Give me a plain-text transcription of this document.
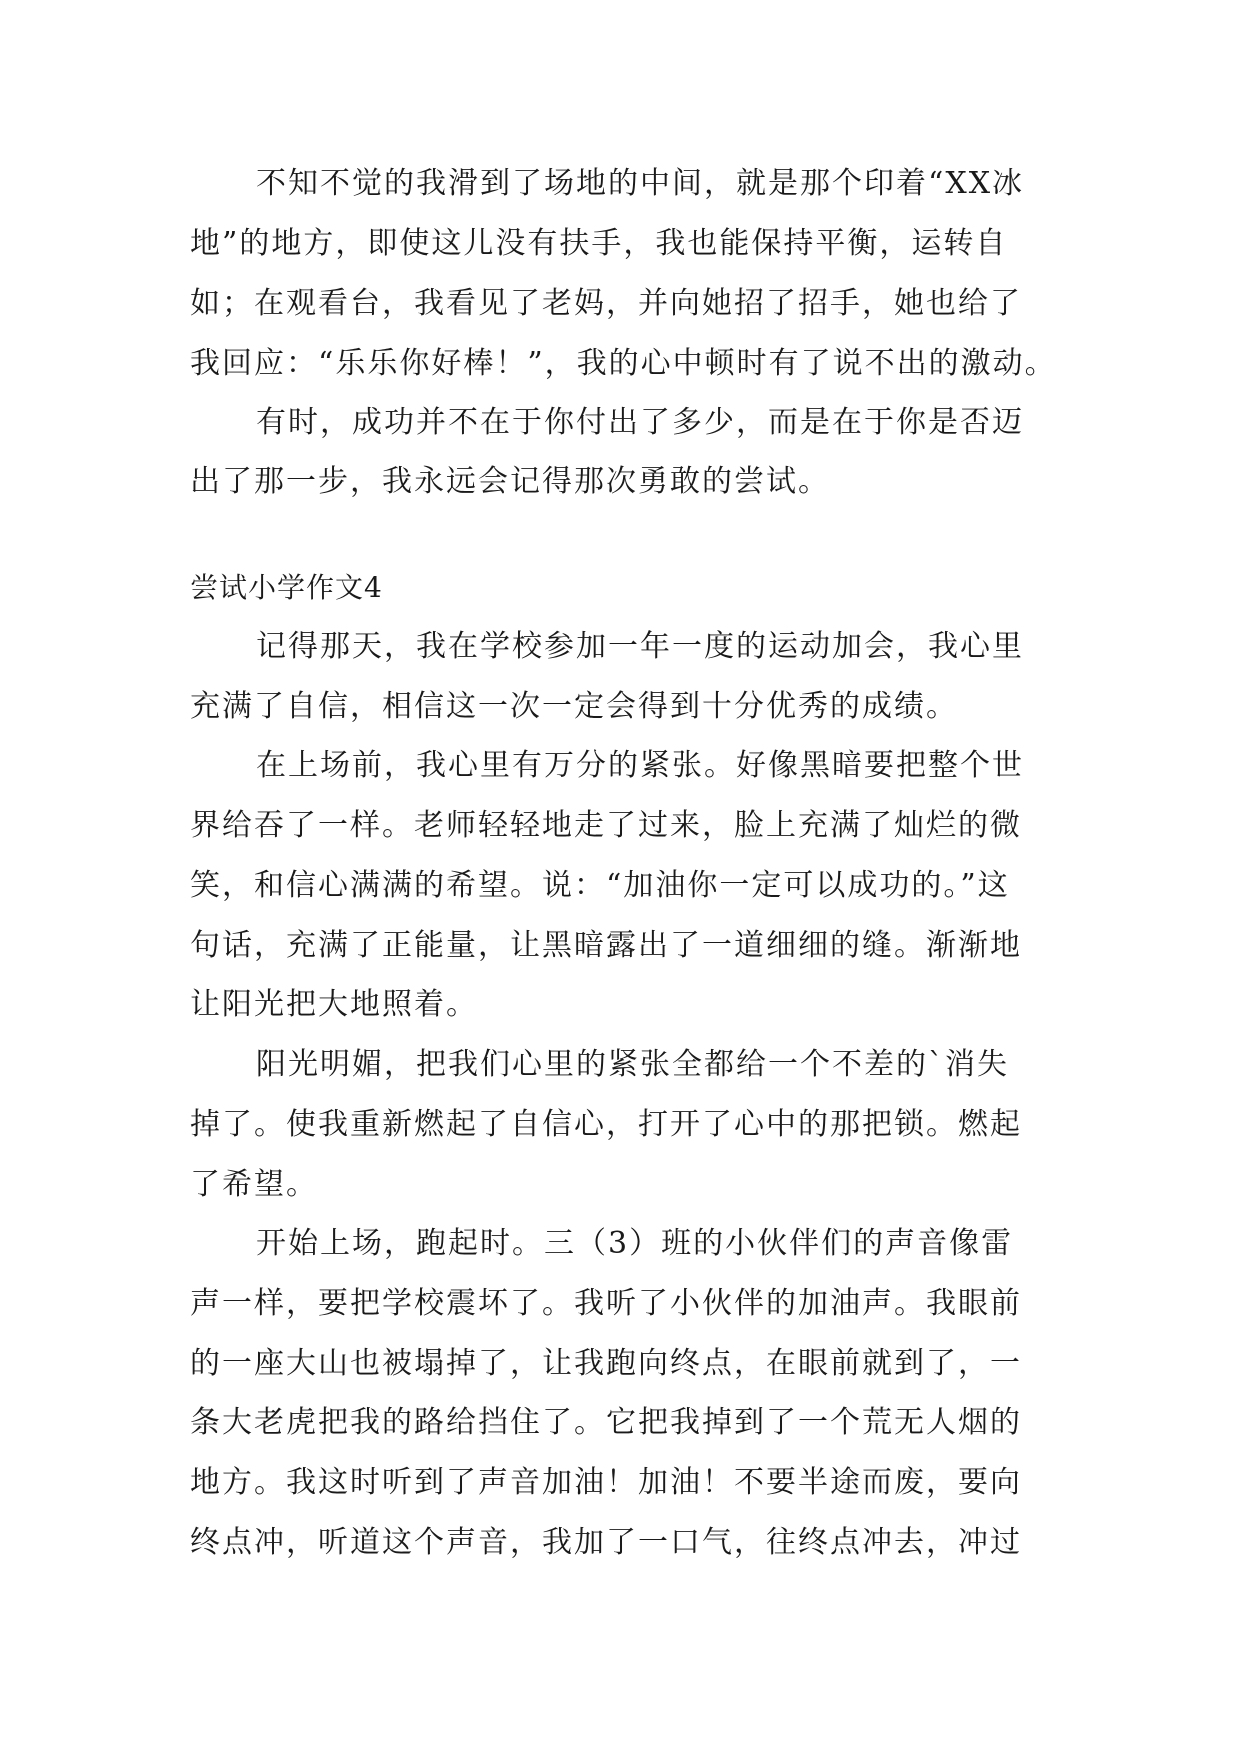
不知不觉的我滑到了场地的中间，就是那个印着“XX冰
地”的地方，即使这儿没有扶手，我也能保持平衡，运转自
如；在观看台，我看见了老妈，并向她招了招手，她也给了
我回应：“乐乐你好棒！”，我的心中顿时有了说不出的激动。
有时，成功并不在于你付出了多少，而是在于你是否迈
出了那一步，我永远会记得那次勇敢的尝试。
尝试小学作文4
记得那天，我在学校参加一年一度的运动加会，我心里
充满了自信，相信这一次一定会得到十分优秀的成绩。
在上场前，我心里有万分的紧张。好像黑暗要把整个世
界给吞了一样。老师轻轻地走了过来，脸上充满了灿烂的微
笑，和信心满满的希望。说：“加油你一定可以成功的。”这
句话，充满了正能量，让黑暗露出了一道细细的缝。渐渐地
让阳光把大地照着。
阳光明媚，把我们心里的紧张全都给一个不差的`消失
掉了。使我重新燃起了自信心，打开了心中的那把锁。燃起
了希望。
开始上场，跑起时。三（3）班的小伙伴们的声音像雷
声一样，要把学校震坏了。我听了小伙伴的加油声。我眼前
的一座大山也被塌掉了，让我跑向终点，在眼前就到了，一
条大老虎把我的路给挡住了。它把我掉到了一个荒无人烟的
地方。我这时听到了声音加油！加油！不要半途而废，要向
终点冲，听道这个声音，我加了一口气，往终点冲去，冲过
